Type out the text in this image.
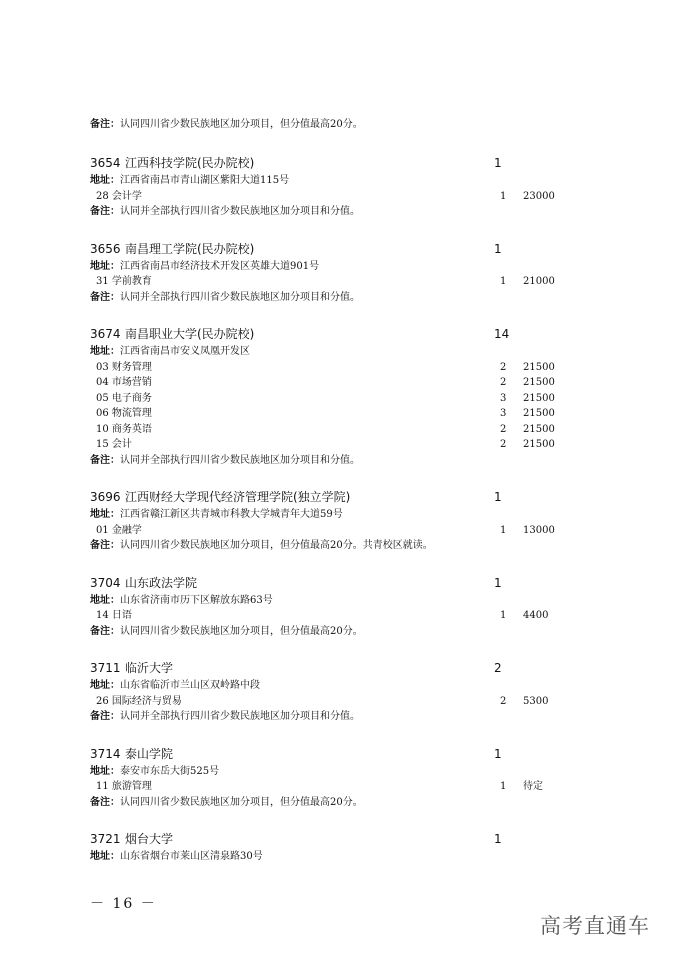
备注：认同四川省少数民族地区加分项目，但分值最高20分。
3654 江西科技学院(民办院校)	1
地址：江西省南昌市青山湖区紫阳大道115号
28 会计学	1 23000
备注：认同并全部执行四川省少数民族地区加分项目和分值。
3656 南昌理工学院(民办院校)	1
地址：江西省南昌市经济技术开发区英雄大道901号
31 学前教育	1 21000
备注：认同并全部执行四川省少数民族地区加分项目和分值。
3674 南昌职业大学(民办院校)	14
地址：江西省南昌市安义凤凰开发区
03 财务管理	2 21500
04 市场营销	2 21500
05 电子商务	3 21500
06 物流管理	3 21500
10 商务英语	2 21500
15 会计	2 21500
备注：认同并全部执行四川省少数民族地区加分项目和分值。
3696 江西财经大学现代经济管理学院(独立学院)	1
地址：江西省赣江新区共青城市科教大学城青年大道59号
01 金融学	1 13000
备注：认同四川省少数民族地区加分项目，但分值最高20分。共青校区就读。
3704 山东政法学院	1
地址：山东省济南市历下区解放东路63号
14 日语	1 4400
备注：认同四川省少数民族地区加分项目，但分值最高20分。
3711 临沂大学	2
地址：山东省临沂市兰山区双岭路中段
26 国际经济与贸易	2 5300
备注：认同并全部执行四川省少数民族地区加分项目和分值。
3714 泰山学院	1
地址：泰安市东岳大街525号
11 旅游管理	1 待定
备注：认同四川省少数民族地区加分项目，但分值最高20分。
3721 烟台大学	1
地址：山东省烟台市莱山区清泉路30号
－ 16 －
高考直通车
